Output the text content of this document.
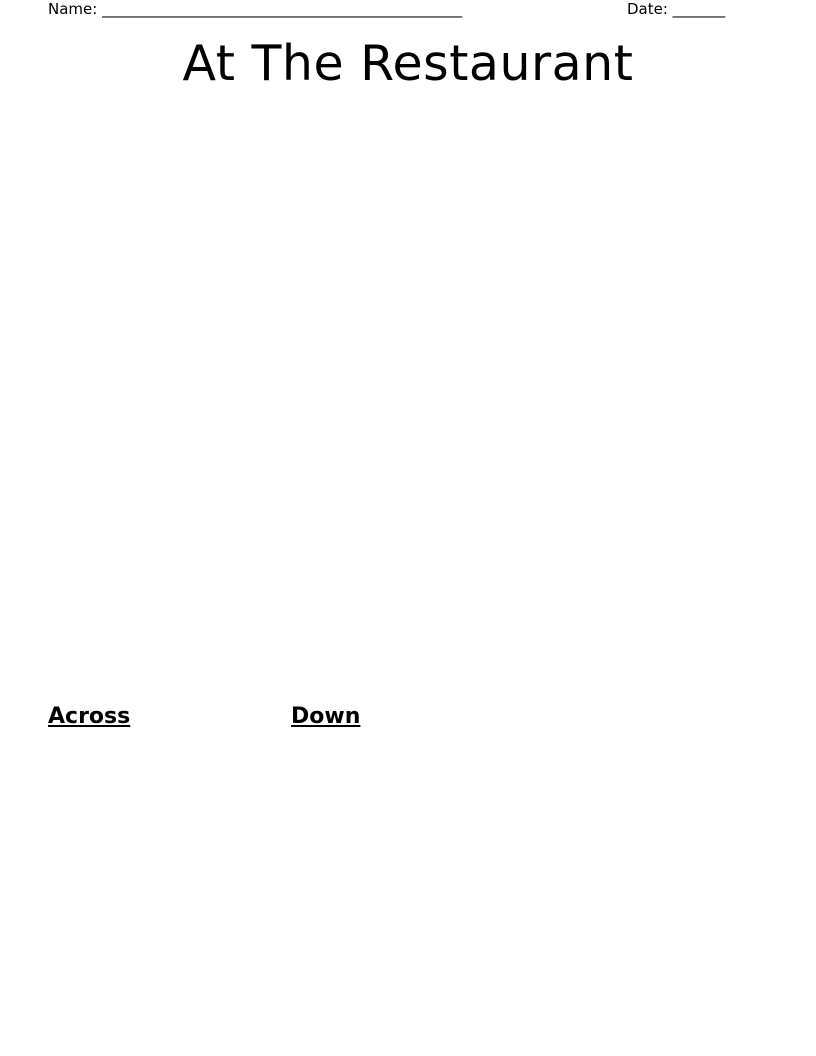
Name: ________________________________________________	Date: _______
At The Restaurant
Across	Down
